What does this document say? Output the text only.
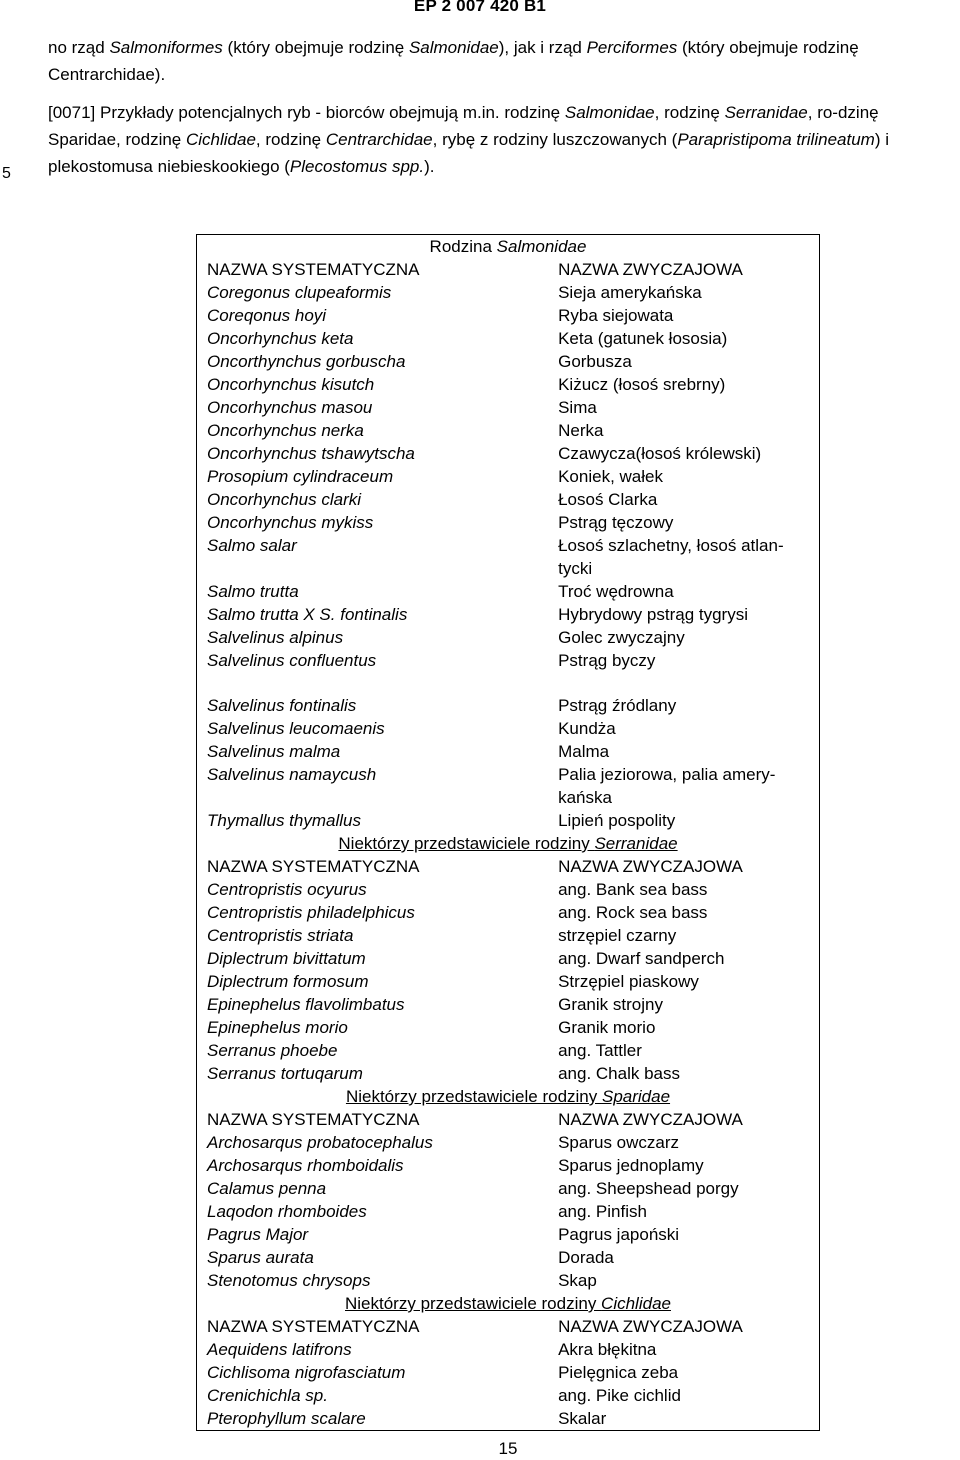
EP 2 007 420 B1
no rząd Salmoniformes (który obejmuje rodzinę Salmonidae), jak i rząd Perciformes (który obejmuje rodzinę
Centrarchidae).
[0071] Przykłady potencjalnych ryb - biorców obejmują m.in. rodzinę Salmonidae, rodzinę Serranidae, ro-dzinę Sparidae, rodzinę Cichlidae, rodzinę Centrarchidae, rybę z rodziny luszczowanych (Parapristipoma trilineatum) i plekostomusa niebieskookiego (Plecostomus spp.).
5
Rodzina Salmonidae	
NAZWA SYSTEMATYCZNA	NAZWA ZWYCZAJOWA
Coregonus clupeaformis	Sieja amerykańska
Coreqonus hoyi	Ryba siejowata
Oncorhynchus keta	Keta (gatunek łososia)
Oncorthynchus gorbuscha	Gorbusza
Oncorhynchus kisutch	Kiżucz (łosoś srebrny)
Oncorhynchus masou	Sima
Oncorhynchus nerka	Nerka
Oncorhynchus tshawytscha	Czawycza(łosoś królewski)
Prosopium cylindraceum	Koniek, wałek
Oncorhynchus clarki	Łosoś Clarka
Oncorhynchus mykiss	Pstrąg tęczowy
Salmo salar	Łosoś szlachetny, łosoś atlan-tycki
Salmo trutta	Troć wędrowna
Salmo trutta X S. fontinalis	Hybrydowy pstrąg tygrysi
Salvelinus alpinus	Golec zwyczajny
Salvelinus confluentus	Pstrąg byczy

Salvelinus fontinalis	Pstrąg źródlany
Salvelinus leucomaenis	Kundża
Salvelinus malma	Malma
Salvelinus namaycush	Palia jeziorowa, palia amery-kańska
Thymallus thymallus	Lipień pospolity
Niektórzy przedstawiciele rodziny Serranidae	
NAZWA SYSTEMATYCZNA	NAZWA ZWYCZAJOWA
Centropristis ocyurus	ang. Bank sea bass
Centropristis philadelphicus	ang. Rock sea bass
Centropristis striata	strzępiel czarny
Diplectrum bivittatum	ang. Dwarf sandperch
Diplectrum formosum	Strzępiel piaskowy
Epinephelus flavolimbatus	Granik strojny
Epinephelus morio	Granik morio
Serranus phoebe	ang. Tattler
Serranus tortuqarum	ang. Chalk bass
Niektórzy przedstawiciele rodziny Sparidae	
NAZWA SYSTEMATYCZNA	NAZWA ZWYCZAJOWA
Archosarqus probatocephalus	Sparus owczarz
Archosarqus rhomboidalis	Sparus jednoplamy
Calamus penna	ang. Sheepshead porgy
Laqodon rhomboides	ang. Pinfish
Pagrus Major	Pagrus japoński
Sparus aurata	Dorada
Stenotomus chrysops	Skap
Niektórzy przedstawiciele rodziny Cichlidae	
NAZWA SYSTEMATYCZNA	NAZWA ZWYCZAJOWA
Aequidens latifrons	Akra błękitna
Cichlisoma nigrofasciatum	Pielęgnica zeba
Crenichichla sp.	ang. Pike cichlid
Pterophyllum scalare	Skalar
15
